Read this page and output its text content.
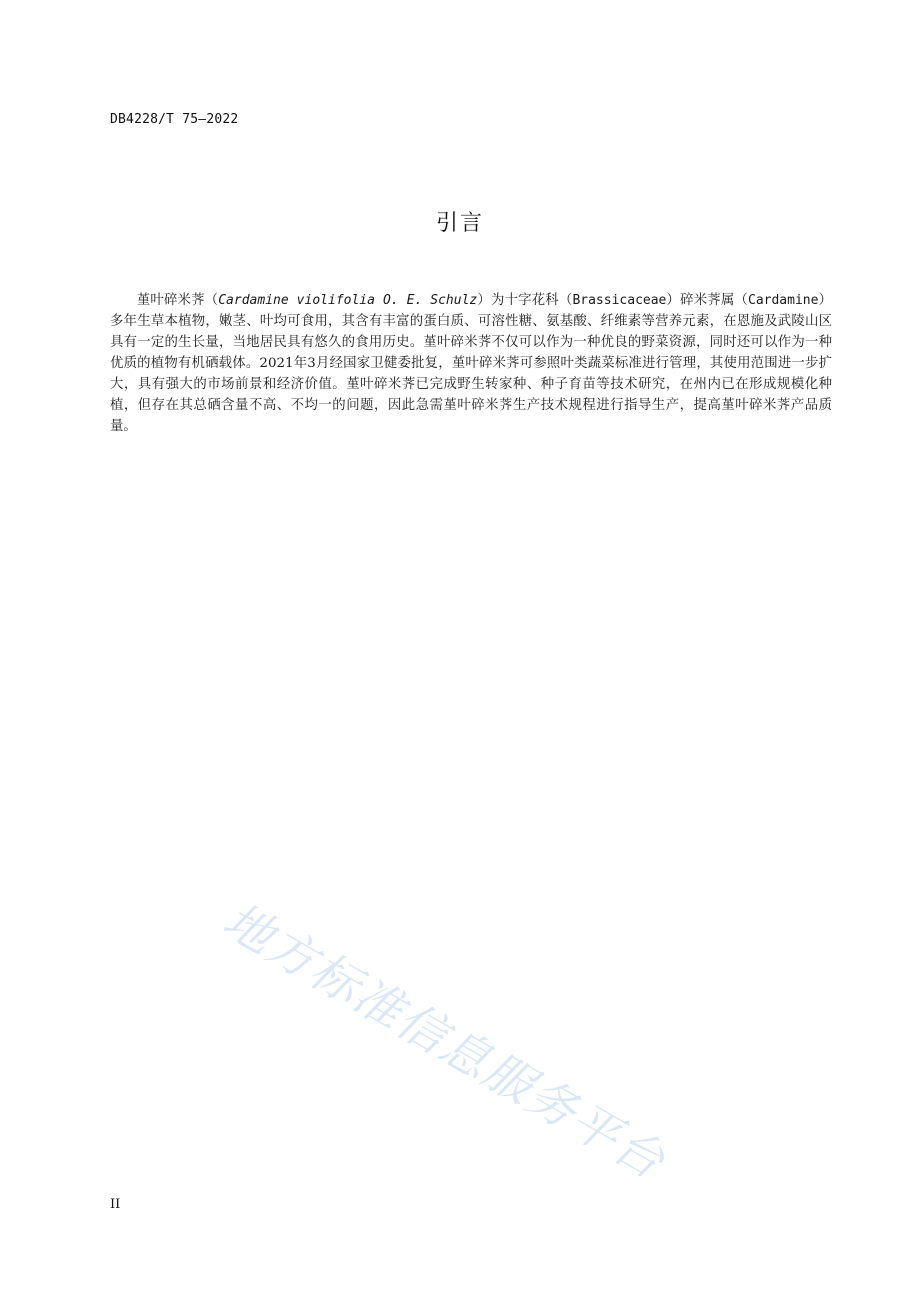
DB4228/T 75—2022
引言

堇叶碎米荠（Cardamine violifolia O. E. Schulz）为十字花科（Brassicaceae）碎米荠属（Cardamine）多年生草本植物，嫩茎、叶均可食用，其含有丰富的蛋白质、可溶性糖、氨基酸、纤维素等营养元素，在恩施及武陵山区具有一定的生长量，当地居民具有悠久的食用历史。堇叶碎米荠不仅可以作为一种优良的野菜资源，同时还可以作为一种优质的植物有机硒载体。2021年3月经国家卫健委批复，堇叶碎米荠可参照叶类蔬菜标准进行管理，其使用范围进一步扩大，具有强大的市场前景和经济价值。堇叶碎米荠已完成野生转家种、种子育苗等技术研究，在州内已在形成规模化种植，但存在其总硒含量不高、不均一的问题，因此急需堇叶碎米荠生产技术规程进行指导生产，提高堇叶碎米荠产品质量。

地方标准信息服务平台
II
